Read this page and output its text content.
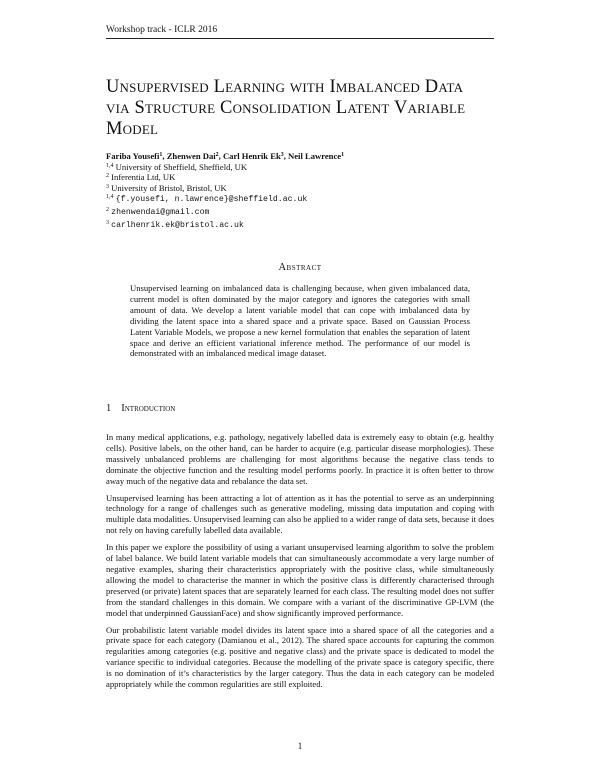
Workshop track - ICLR 2016
Unsupervised Learning with Imbalanced Data
via Structure Consolidation Latent Variable
Model
Fariba Yousefi$^1$, Zhenwen Dai$^2$, Carl Henrik Ek$^3$, Neil Lawrence$^1$
$^{1,4}$ University of Sheffield, Sheffield, UK
$^2$ Inferentia Ltd, UK
$^3$ University of Bristol, Bristol, UK
$^{1,4}$ {f.yousefi, n.lawrence}@sheffield.ac.uk
$^2$ zhenwendai@gmail.com
$^3$ carlhenrik.ek@bristol.ac.uk
Abstract
Unsupervised learning on imbalanced data is challenging because, when given imbalanced data, current model is often dominated by the major category and ignores the categories with small amount of data. We develop a latent variable model that can cope with imbalanced data by dividing the latent space into a shared space and a private space. Based on Gaussian Process Latent Variable Models, we propose a new kernel formulation that enables the separation of latent space and derive an efficient variational inference method. The performance of our model is demonstrated with an imbalanced medical image dataset.
1 Introduction

In many medical applications, e.g. pathology, negatively labelled data is extremely easy to obtain (e.g. healthy cells). Positive labels, on the other hand, can be harder to acquire (e.g. particular disease morphologies). These massively unbalanced problems are challenging for most algorithms because the negative class tends to dominate the objective function and the resulting model performs poorly. In practice it is often better to throw away much of the negative data and rebalance the data set.

Unsupervised learning has been attracting a lot of attention as it has the potential to serve as an underpinning technology for a range of challenges such as generative modeling, missing data imputation and coping with multiple data modalities. Unsupervised learning can also be applied to a wider range of data sets, because it does not rely on having carefully labelled data available.

In this paper we explore the possibility of using a variant unsupervised learning algorithm to solve the problem of label balance. We build latent variable models that can simultaneously accommodate a very large number of negative examples, sharing their characteristics appropriately with the positive class, while simultaneously allowing the model to characterise the manner in which the positive class is differently characterised through preserved (or private) latent spaces that are separately learned for each class. The resulting model does not suffer from the standard challenges in this domain. We compare with a variant of the discriminative GP-LVM (the model that underpinned GaussianFace) and show significantly improved performance.

Our probabilistic latent variable model divides its latent space into a shared space of all the categories and a private space for each category (Damianou et al., 2012). The shared space accounts for capturing the common regularities among categories (e.g. positive and negative class) and the private space is dedicated to model the variance specific to individual categories. Because the modelling of the private space is category specific, there is no domination of it’s characteristics by the larger category. Thus the data in each category can be modeled appropriately while the common regularities are still exploited.

1
